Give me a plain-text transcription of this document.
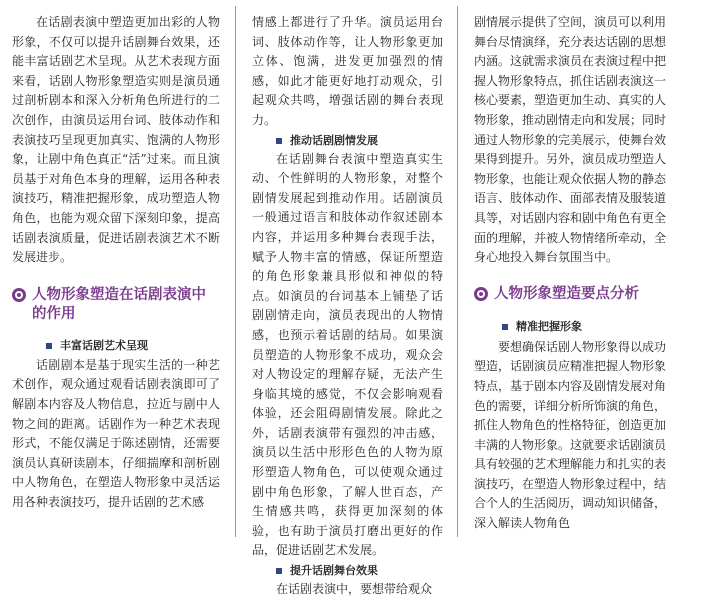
在话剧表演中塑造更加出彩的人物形象，不仅可以提升话剧舞台效果，还能丰富话剧艺术呈现。从艺术表现方面来看，话剧人物形象塑造实则是演员通过剖析剧本和深入分析角色所进行的二次创作，由演员运用台词、肢体动作和表演技巧呈现更加真实、饱满的人物形象，让剧中角色真正“活”过来。而且演员基于对角色本身的理解，运用各种表演技巧，精准把握形象，成功塑造人物角色，也能为观众留下深刻印象，提高话剧表演质量，促进话剧表演艺术不断发展进步。

人物形象塑造在话剧表演中的作用
丰富话剧艺术呈现

话剧剧本是基于现实生活的一种艺术创作，观众通过观看话剧表演即可了解剧本内容及人物信息，拉近与剧中人物之间的距离。话剧作为一种艺术表现形式，不能仅满足于陈述剧情，还需要演员认真研读剧本，仔细揣摩和剖析剧中人物角色，在塑造人物形象中灵活运用各种表演技巧，提升话剧的艺术感

情感上都进行了升华。演员运用台词、肢体动作等，让人物形象更加立体、饱满，进发更加强烈的情感，如此才能更好地打动观众，引起观众共鸣，增强话剧的舞台表现力。

推动话剧剧情发展

在话剧舞台表演中塑造真实生动、个性鲜明的人物形象，对整个剧情发展起到推动作用。话剧演员一般通过语言和肢体动作叙述剧本内容，并运用多种舞台表现手法，赋予人物丰富的情感，保证所塑造的角色形象兼具形似和神似的特点。如演员的台词基本上铺垫了话剧剧情走向，演员表现出的人物情感，也预示着话剧的结局。如果演员塑造的人物形象不成功，观众会对人物设定的理解存疑，无法产生身临其境的感觉，不仅会影响观看体验，还会阻碍剧情发展。除此之外，话剧表演带有强烈的冲击感，演员以生活中形形色色的人物为原形塑造人物角色，可以使观众通过剧中角色形象，了解人世百态，产生情感共鸣，获得更加深刻的体验，也有助于演员打磨出更好的作品，促进话剧艺术发展。

提升话剧舞台效果

在话剧表演中，要想带给观众

剧情展示提供了空间，演员可以利用舞台尽情演绎，充分表达话剧的思想内涵。这就需求演员在表演过程中把握人物形象特点，抓住话剧表演这一核心要素，塑造更加生动、真实的人物形象，推动剧情走向和发展；同时通过人物形象的完美展示，使舞台效果得到提升。另外，演员成功塑造人物形象，也能让观众依据人物的静态语言、肢体动作、面部表情及服装道具等，对话剧内容和剧中角色有更全面的理解，并被人物情绪所牵动，全身心地投入舞台氛围当中。

人物形象塑造要点分析
精准把握形象

要想确保话剧人物形象得以成功塑造，话剧演员应精准把握人物形象特点，基于剧本内容及剧情发展对角色的需要，详细分析所饰演的角色，抓住人物角色的性格特征，创造更加丰满的人物形象。这就要求话剧演员具有较强的艺术理解能力和扎实的表演技巧，在塑造人物形象过程中，结合个人的生活阅历，调动知识储备，深入解读人物角色
